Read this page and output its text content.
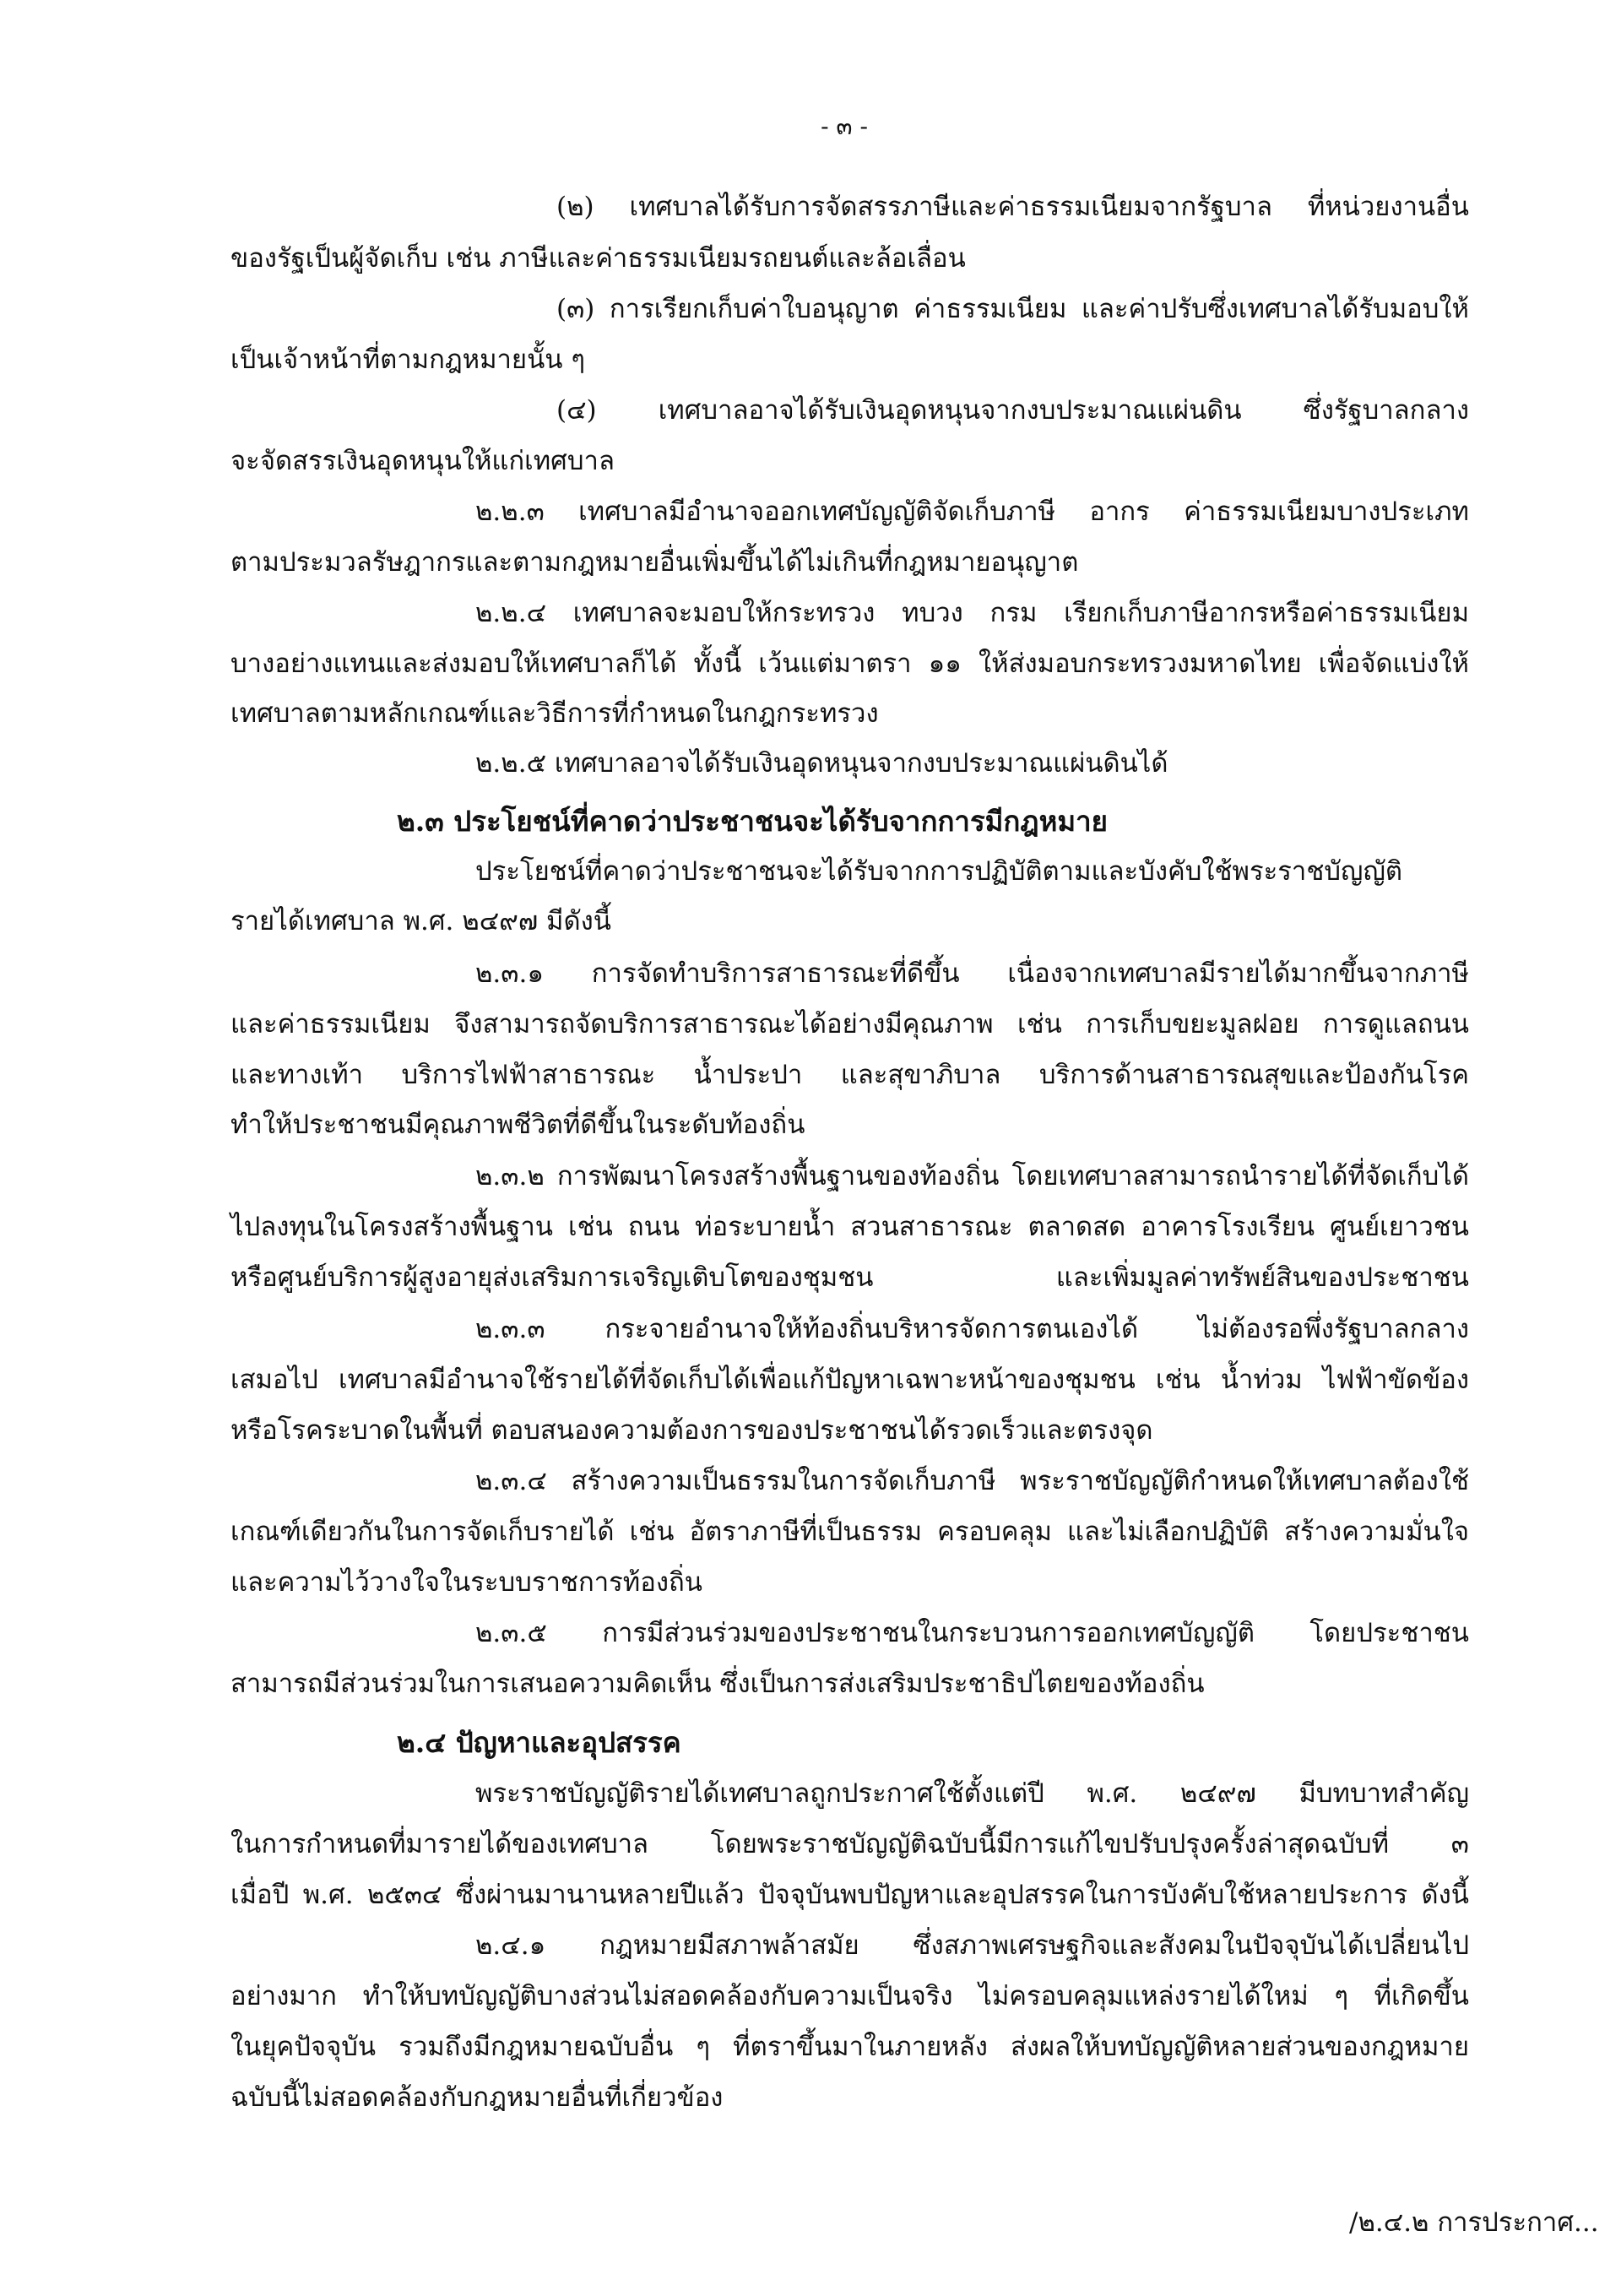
- ๓ -
(๒) เทศบาลได้รับการจัดสรรภาษีและค่าธรรมเนียมจากรัฐบาล ที่หน่วยงานอื่น
ของรัฐเป็นผู้จัดเก็บ เช่น ภาษีและค่าธรรมเนียมรถยนต์และล้อเลื่อน
(๓) การเรียกเก็บค่าใบอนุญาต ค่าธรรมเนียม และค่าปรับซึ่งเทศบาลได้รับมอบให้
เป็นเจ้าหน้าที่ตามกฎหมายนั้น ๆ
(๔) เทศบาลอาจได้รับเงินอุดหนุนจากงบประมาณแผ่นดิน ซึ่งรัฐบาลกลาง
จะจัดสรรเงินอุดหนุนให้แก่เทศบาล
๒.๒.๓ เทศบาลมีอำนาจออกเทศบัญญัติจัดเก็บภาษี อากร ค่าธรรมเนียมบางประเภท
ตามประมวลรัษฎากรและตามกฎหมายอื่นเพิ่มขึ้นได้ไม่เกินที่กฎหมายอนุญาต
๒.๒.๔ เทศบาลจะมอบให้กระทรวง ทบวง กรม เรียกเก็บภาษีอากรหรือค่าธรรมเนียม
บางอย่างแทนและส่งมอบให้เทศบาลก็ได้ ทั้งนี้ เว้นแต่มาตรา ๑๑ ให้ส่งมอบกระทรวงมหาดไทย เพื่อจัดแบ่งให้
เทศบาลตามหลักเกณฑ์และวิธีการที่กำหนดในกฎกระทรวง
๒.๒.๕ เทศบาลอาจได้รับเงินอุดหนุนจากงบประมาณแผ่นดินได้
๒.๓ ประโยชน์ที่คาดว่าประชาชนจะได้รับจากการมีกฎหมาย
ประโยชน์ที่คาดว่าประชาชนจะได้รับจากการปฏิบัติตามและบังคับใช้พระราชบัญญัติ
รายได้เทศบาล พ.ศ. ๒๔๙๗ มีดังนี้
๒.๓.๑ การจัดทำบริการสาธารณะที่ดีขึ้น เนื่องจากเทศบาลมีรายได้มากขึ้นจากภาษี
และค่าธรรมเนียม จึงสามารถจัดบริการสาธารณะได้อย่างมีคุณภาพ เช่น การเก็บขยะมูลฝอย การดูแลถนน
และทางเท้า บริการไฟฟ้าสาธารณะ น้ำประปา และสุขาภิบาล บริการด้านสาธารณสุขและป้องกันโรค
ทำให้ประชาชนมีคุณภาพชีวิตที่ดีขึ้นในระดับท้องถิ่น
๒.๓.๒ การพัฒนาโครงสร้างพื้นฐานของท้องถิ่น โดยเทศบาลสามารถนำรายได้ที่จัดเก็บได้
ไปลงทุนในโครงสร้างพื้นฐาน เช่น ถนน ท่อระบายน้ำ สวนสาธารณะ ตลาดสด อาคารโรงเรียน ศูนย์เยาวชน
หรือศูนย์บริการผู้สูงอายุส่งเสริมการเจริญเติบโตของชุมชน และเพิ่มมูลค่าทรัพย์สินของประชาชน
๒.๓.๓ กระจายอำนาจให้ท้องถิ่นบริหารจัดการตนเองได้ ไม่ต้องรอพึ่งรัฐบาลกลาง
เสมอไป เทศบาลมีอำนาจใช้รายได้ที่จัดเก็บได้เพื่อแก้ปัญหาเฉพาะหน้าของชุมชน เช่น น้ำท่วม ไฟฟ้าขัดข้อง
หรือโรคระบาดในพื้นที่ ตอบสนองความต้องการของประชาชนได้รวดเร็วและตรงจุด
๒.๓.๔ สร้างความเป็นธรรมในการจัดเก็บภาษี พระราชบัญญัติกำหนดให้เทศบาลต้องใช้
เกณฑ์เดียวกันในการจัดเก็บรายได้ เช่น อัตราภาษีที่เป็นธรรม ครอบคลุม และไม่เลือกปฏิบัติ สร้างความมั่นใจ
และความไว้วางใจในระบบราชการท้องถิ่น
๒.๓.๕ การมีส่วนร่วมของประชาชนในกระบวนการออกเทศบัญญัติ โดยประชาชน
สามารถมีส่วนร่วมในการเสนอความคิดเห็น ซึ่งเป็นการส่งเสริมประชาธิปไตยของท้องถิ่น
๒.๔ ปัญหาและอุปสรรค
พระราชบัญญัติรายได้เทศบาลถูกประกาศใช้ตั้งแต่ปี พ.ศ. ๒๔๙๗ มีบทบาทสำคัญ
ในการกำหนดที่มารายได้ของเทศบาล โดยพระราชบัญญัติฉบับนี้มีการแก้ไขปรับปรุงครั้งล่าสุดฉบับที่ ๓
เมื่อปี พ.ศ. ๒๕๓๔ ซึ่งผ่านมานานหลายปีแล้ว ปัจจุบันพบปัญหาและอุปสรรคในการบังคับใช้หลายประการ ดังนี้
๒.๔.๑ กฎหมายมีสภาพล้าสมัย ซึ่งสภาพเศรษฐกิจและสังคมในปัจจุบันได้เปลี่ยนไป
อย่างมาก ทำให้บทบัญญัติบางส่วนไม่สอดคล้องกับความเป็นจริง ไม่ครอบคลุมแหล่งรายได้ใหม่ ๆ ที่เกิดขึ้น
ในยุคปัจจุบัน รวมถึงมีกฎหมายฉบับอื่น ๆ ที่ตราขึ้นมาในภายหลัง ส่งผลให้บทบัญญัติหลายส่วนของกฎหมาย
ฉบับนี้ไม่สอดคล้องกับกฎหมายอื่นที่เกี่ยวข้อง
/๒.๔.๒ การประกาศ...
